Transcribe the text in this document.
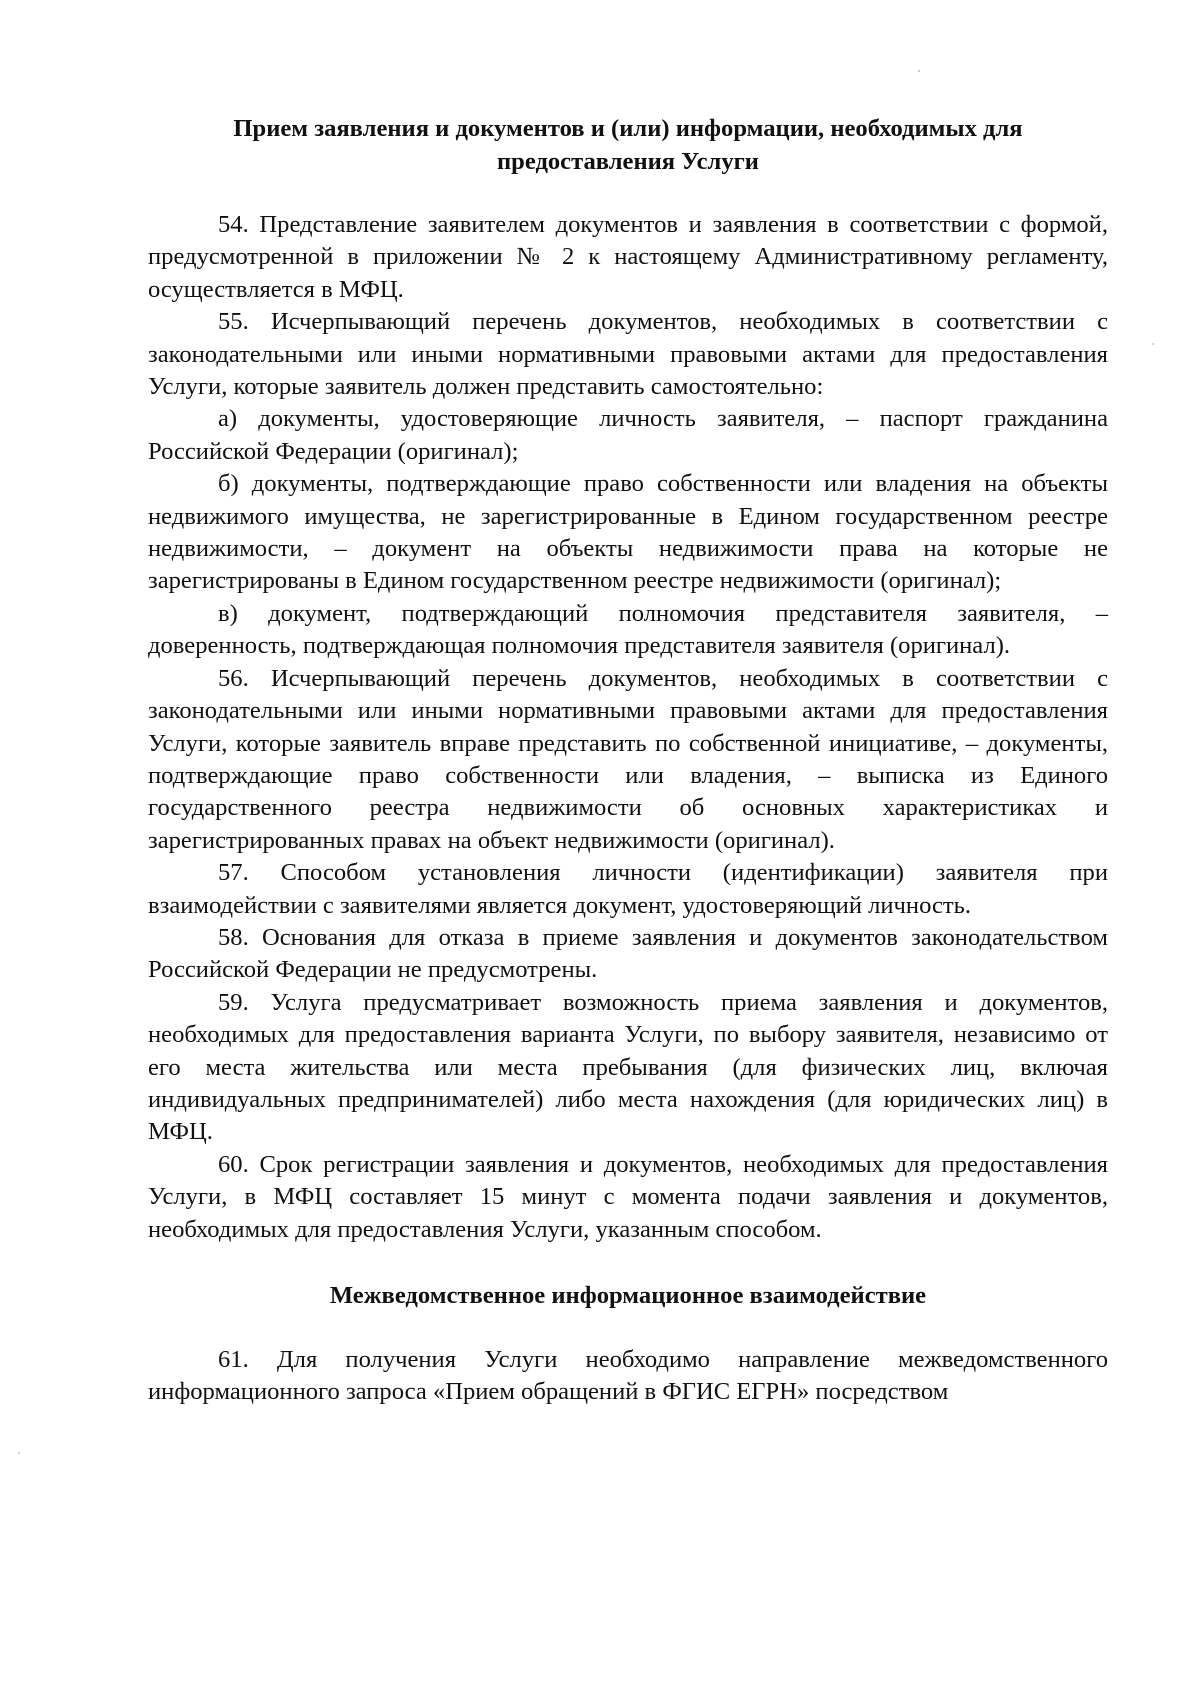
Прием заявления и документов и (или) информации, необходимых для предоставления Услуги

54. Представление заявителем документов и заявления в соответствии с формой, предусмотренной в приложении № 2 к настоящему Административному регламенту, осуществляется в МФЦ.

55. Исчерпывающий перечень документов, необходимых в соответствии с законодательными или иными нормативными правовыми актами для предоставления Услуги, которые заявитель должен представить самостоятельно:

а) документы, удостоверяющие личность заявителя, – паспорт гражданина Российской Федерации (оригинал);

б) документы, подтверждающие право собственности или владения на объекты недвижимого имущества, не зарегистрированные в Едином государственном реестре недвижимости, – документ на объекты недвижимости права на которые не зарегистрированы в Едином государственном реестре недвижимости (оригинал);

в) документ, подтверждающий полномочия представителя заявителя, – доверенность, подтверждающая полномочия представителя заявителя (оригинал).

56. Исчерпывающий перечень документов, необходимых в соответствии с законодательными или иными нормативными правовыми актами для предоставления Услуги, которые заявитель вправе представить по собственной инициативе, – документы, подтверждающие право собственности или владения, – выписка из Единого государственного реестра недвижимости об основных характеристиках и зарегистрированных правах на объект недвижимости (оригинал).

57. Способом установления личности (идентификации) заявителя при взаимодействии с заявителями является документ, удостоверяющий личность.

58. Основания для отказа в приеме заявления и документов законодательством Российской Федерации не предусмотрены.

59. Услуга предусматривает возможность приема заявления и документов, необходимых для предоставления варианта Услуги, по выбору заявителя, независимо от его места жительства или места пребывания (для физических лиц, включая индивидуальных предпринимателей) либо места нахождения (для юридических лиц) в МФЦ.

60. Срок регистрации заявления и документов, необходимых для предоставления Услуги, в МФЦ составляет 15 минут с момента подачи заявления и документов, необходимых для предоставления Услуги, указанным способом.

Межведомственное информационное взаимодействие

61. Для получения Услуги необходимо направление межведомственного информационного запроса «Прием обращений в ФГИС ЕГРН» посредством
